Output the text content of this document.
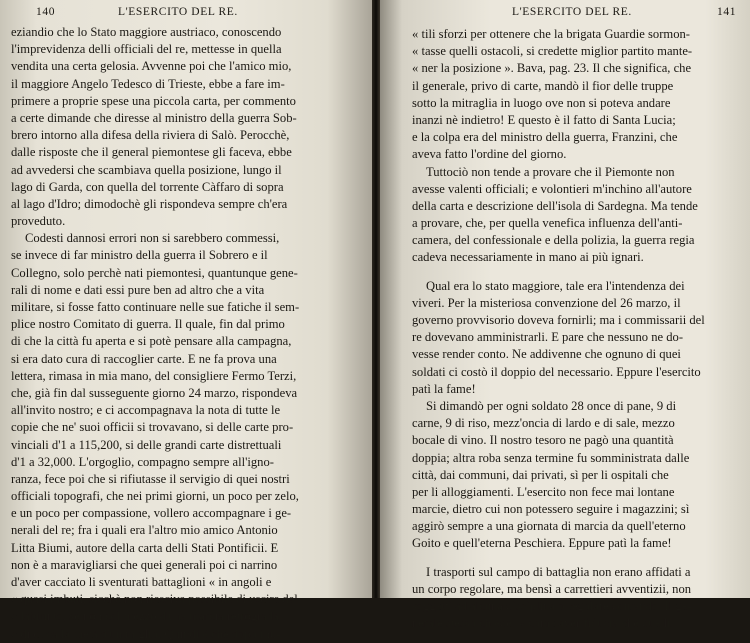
140	L'ESERCITO DEL RE.
eziandio che lo Stato maggiore austriaco, conoscendo
l'imprevidenza delli officiali del re, mettesse in quella
vendita una certa gelosia. Avvenne poi che l'amico mio,
il maggiore Angelo Tedesco di Trieste, ebbe a fare im-
primere a proprie spese una piccola carta, per commento
a certe dimande che diresse al ministro della guerra Sob-
brero intorno alla difesa della riviera di Salò. Perocchè,
dalle risposte che il general piemontese gli faceva, ebbe
ad avvedersi che scambiava quella posizione, lungo il
lago di Garda, con quella del torrente Càffaro di sopra
al lago d'Idro; dimodochè gli rispondeva sempre ch'era
proveduto.
Codesti dannosi errori non si sarebbero commessi,
se invece di far ministro della guerra il Sobrero e il
Collegno, solo perchè nati piemontesi, quantunque gene-
rali di nome e dati essi pure ben ad altro che a vita
militare, si fosse fatto continuare nelle sue fatiche il sem-
plice nostro Comitato di guerra. Il quale, fin dal primo
di che la città fu aperta e si potè pensare alla campagna,
si era dato cura di raccoglier carte. E ne fa prova una
lettera, rimasa in mia mano, del consigliere Fermo Terzi,
che, già fin dal susseguente giorno 24 marzo, rispondeva
all'invito nostro; e ci accompagnava la nota di tutte le
copie che ne' suoi officii si trovavano, si delle carte pro-
vinciali d'1 a 115,200, si delle grandi carte distrettuali
d'1 a 32,000. L'orgoglio, compagno sempre all'igno-
ranza, fece poi che si rifiutasse il servigio di quei nostri
officiali topografi, che nei primi giorni, un poco per zelo,
e un poco per compassione, vollero accompagnare i ge-
nerali del re; fra i quali era l'altro mio amico Antonio
Litta Biumi, autore della carta delli Stati Pontificii. E
non è a maravigliarsi che quei generali poi ci narrino
d'aver cacciato li sventurati battaglioni « in angoli e
« quasi imbuti, sicchè non riesciva possibile di uscire dal
« labirinto, se non col mezzo d'una marcia retrograda
« di circa la metà d'un miglio. Quindi è che dopo inu-
L'ESERCITO DEL RE.	141
« tili sforzi per ottenere che la brigata Guardie sormon-
« tasse quelli ostacoli, si credette miglior partito mante-
« ner la posizione ». Bava, pag. 23. Il che significa, che
il generale, privo di carte, mandò il fior delle truppe
sotto la mitraglia in luogo ove non si poteva andare
inanzi nè indietro! E questo è il fatto di Santa Lucia;
e la colpa era del ministro della guerra, Franzini, che
aveva fatto l'ordine del giorno.
Tuttociò non tende a provare che il Piemonte non
avesse valenti officiali; e volontieri m'inchino all'autore
della carta e descrizione dell'isola di Sardegna. Ma tende
a provare, che, per quella venefica influenza dell'anti-
camera, del confessionale e della polizia, la guerra regia
cadeva necessariamente in mano ai più ignari.
Qual era lo stato maggiore, tale era l'intendenza dei
viveri. Per la misteriosa convenzione del 26 marzo, il
governo provvisorio doveva fornirli; ma i commissarii del
re dovevano amministrarli. E pare che nessuno ne do-
vesse render conto. Ne addivenne che ognuno di quei
soldati ci costò il doppio del necessario. Eppure l'esercito
patì la fame!
Si dimandò per ogni soldato 28 once di pane, 9 di
carne, 9 di riso, mezz'oncia di lardo e di sale, mezzo
bocale di vino. Il nostro tesoro ne pagò una quantità
doppia; altra roba senza termine fu somministrata dalle
città, dai communi, dai privati, sì per li ospitali che
per li alloggiamenti. L'esercito non fece mai lontane
marcie, dietro cui non potessero seguire i magazzini; sì
aggirò sempre a una giornata di marcia da quell'eterno
Goito e quell'eterna Peschiera. Eppure patì la fame!
I trasporti sul campo di battaglia non erano affidati a
un corpo regolare, ma bensì a carrettieri avventizii, non
soggetti ad alcuna disciplina o regolare comando. Il ge-
nerale stesso chiede: « come aver fiducia che quelli
